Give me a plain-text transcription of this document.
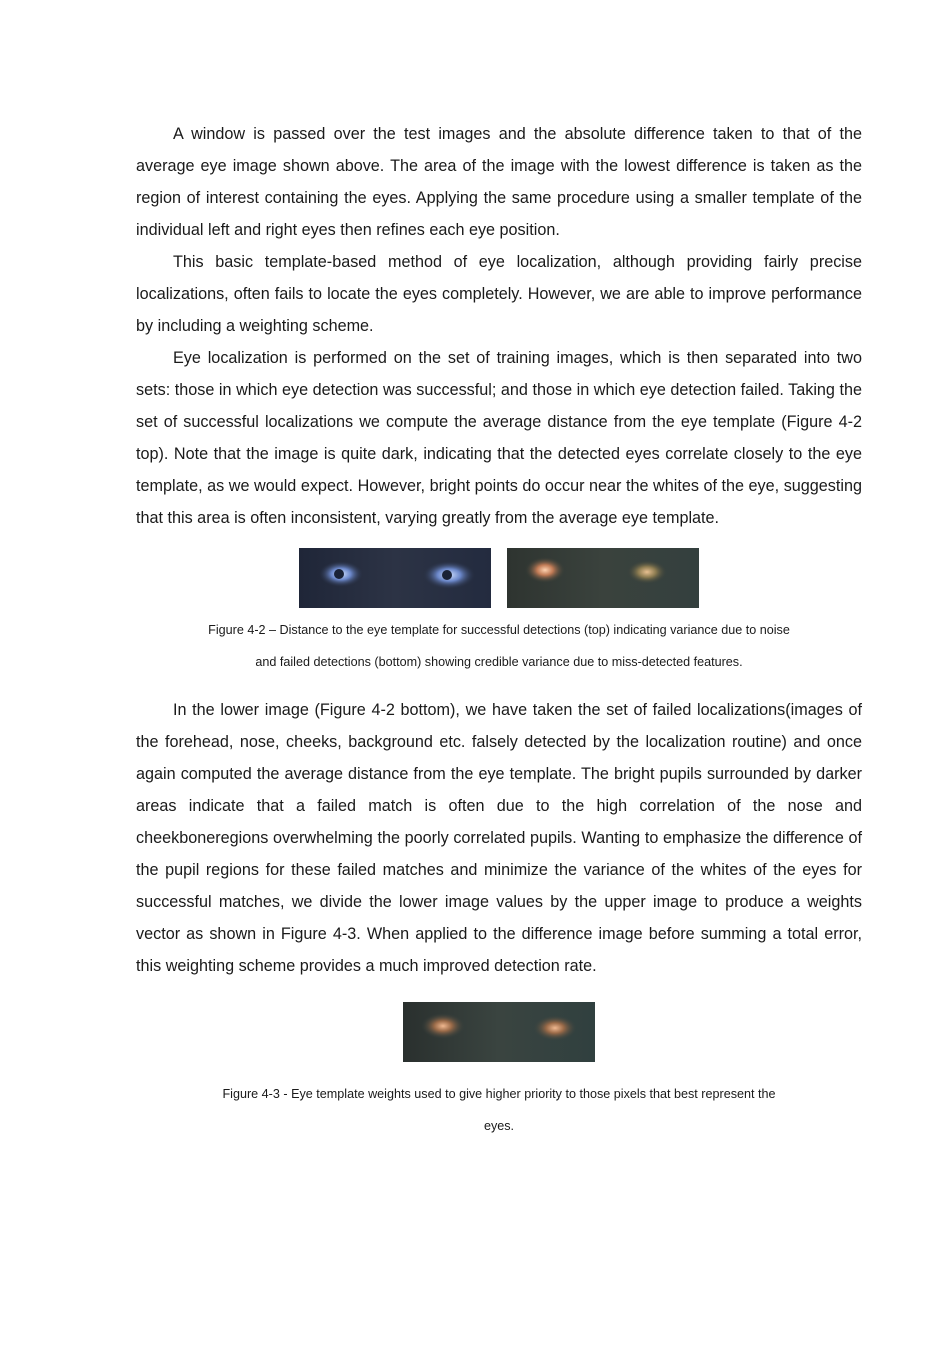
A window is passed over the test images and the absolute difference taken to that of the average eye image shown above. The area of the image with the lowest difference is taken as the region of interest containing the eyes. Applying the same procedure using a smaller template of the individual left and right eyes then refines each eye position.

This basic template-based method of eye localization, although providing fairly precise localizations, often fails to locate the eyes completely. However, we are able to improve performance by including a weighting scheme.

Eye localization is performed on the set of training images, which is then separated into two sets: those in which eye detection was successful; and those in which eye detection failed. Taking the set of successful localizations we compute the average distance from the eye template (Figure 4-2 top). Note that the image is quite dark, indicating that the detected eyes correlate closely to the eye template, as we would expect. However, bright points do occur near the whites of the eye, suggesting that this area is often inconsistent, varying greatly from the average eye template.

Figure 4-2 – Distance to the eye template for successful detections (top) indicating variance due to noise

and failed detections (bottom) showing credible variance due to miss-detected features.

In the lower image (Figure 4-2 bottom), we have taken the set of failed localizations(images of the forehead, nose, cheeks, background etc. falsely detected by the localization routine) and once again computed the average distance from the eye template. The bright pupils surrounded by darker areas indicate that a failed match is often due to the high correlation of the nose and cheekboneregions overwhelming the poorly correlated pupils. Wanting to emphasize the difference of the pupil regions for these failed matches and minimize the variance of the whites of the eyes for successful matches, we divide the lower image values by the upper image to produce a weights vector as shown in Figure 4-3. When applied to the difference image before summing a total error, this weighting scheme provides a much improved detection rate.

Figure 4-3 - Eye template weights used to give higher priority to those pixels that best represent the

eyes.
